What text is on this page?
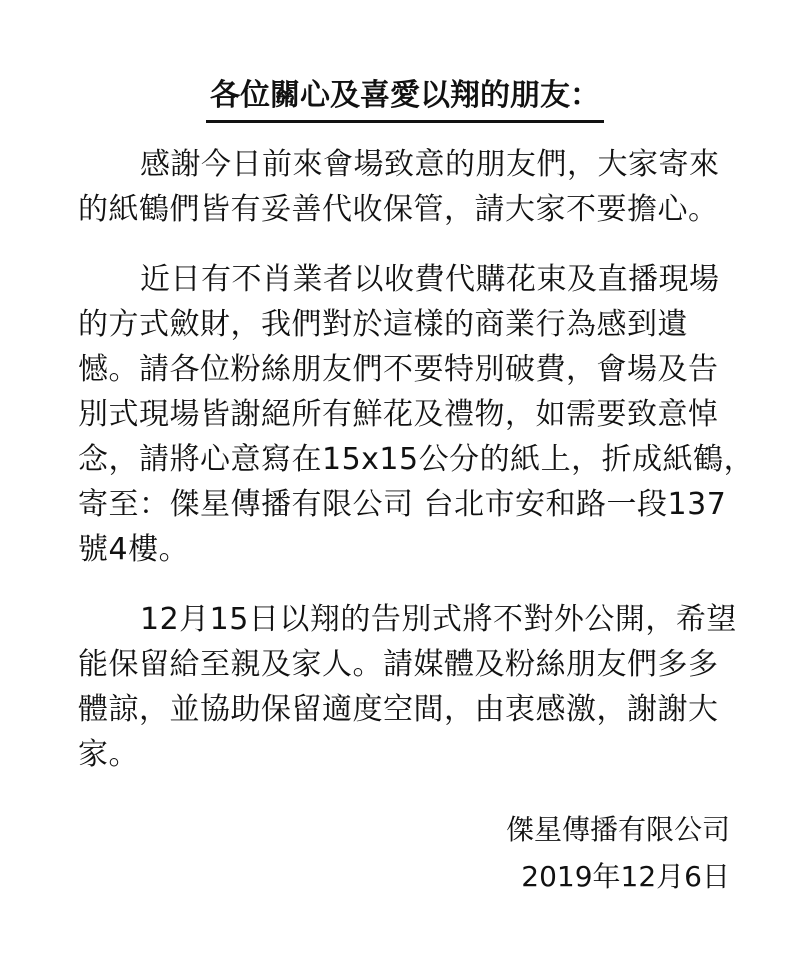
各位關心及喜愛以翔的朋友：
感謝今日前來會場致意的朋友們，大家寄來
的紙鶴們皆有妥善代收保管，請大家不要擔心。
近日有不肖業者以收費代購花束及直播現場
的方式斂財，我們對於這樣的商業行為感到遺
憾。請各位粉絲朋友們不要特別破費，會場及告
別式現場皆謝絕所有鮮花及禮物，如需要致意悼
念，請將心意寫在15x15公分的紙上，折成紙鶴，
寄至：傑星傳播有限公司 台北市安和路一段137
號4樓。
12月15日以翔的告別式將不對外公開，希望
能保留給至親及家人。請媒體及粉絲朋友們多多
體諒，並協助保留適度空間，由衷感激，謝謝大
家。
傑星傳播有限公司
2019年12月6日
